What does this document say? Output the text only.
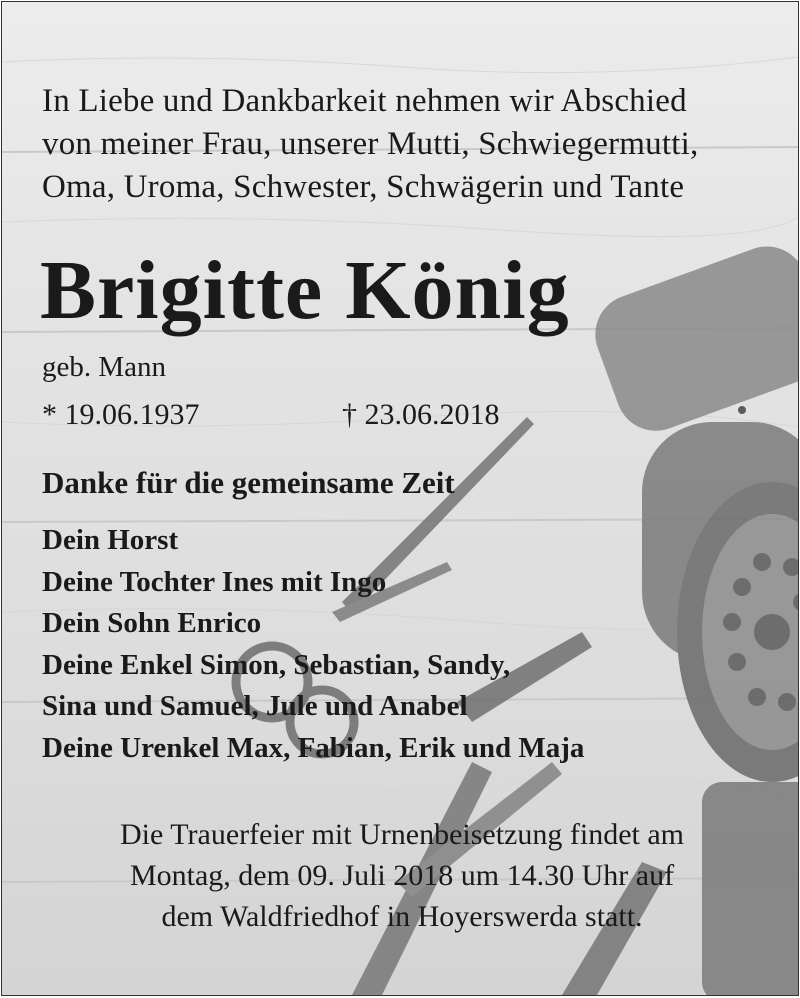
In Liebe und Dankbarkeit nehmen wir Abschied
von meiner Frau, unserer Mutti, Schwiegermutti,
Oma, Uroma, Schwester, Schwägerin und Tante
Brigitte König
geb. Mann
* 19.06.1937	† 23.06.2018
Danke für die gemeinsame Zeit
Dein Horst
Deine Tochter Ines mit Ingo
Dein Sohn Enrico
Deine Enkel Simon, Sebastian, Sandy,
Sina und Samuel, Jule und Anabel
Deine Urenkel Max, Fabian, Erik und Maja
Die Trauerfeier mit Urnenbeisetzung findet am
Montag, dem 09. Juli 2018 um 14.30 Uhr auf
dem Waldfriedhof in Hoyerswerda statt.
